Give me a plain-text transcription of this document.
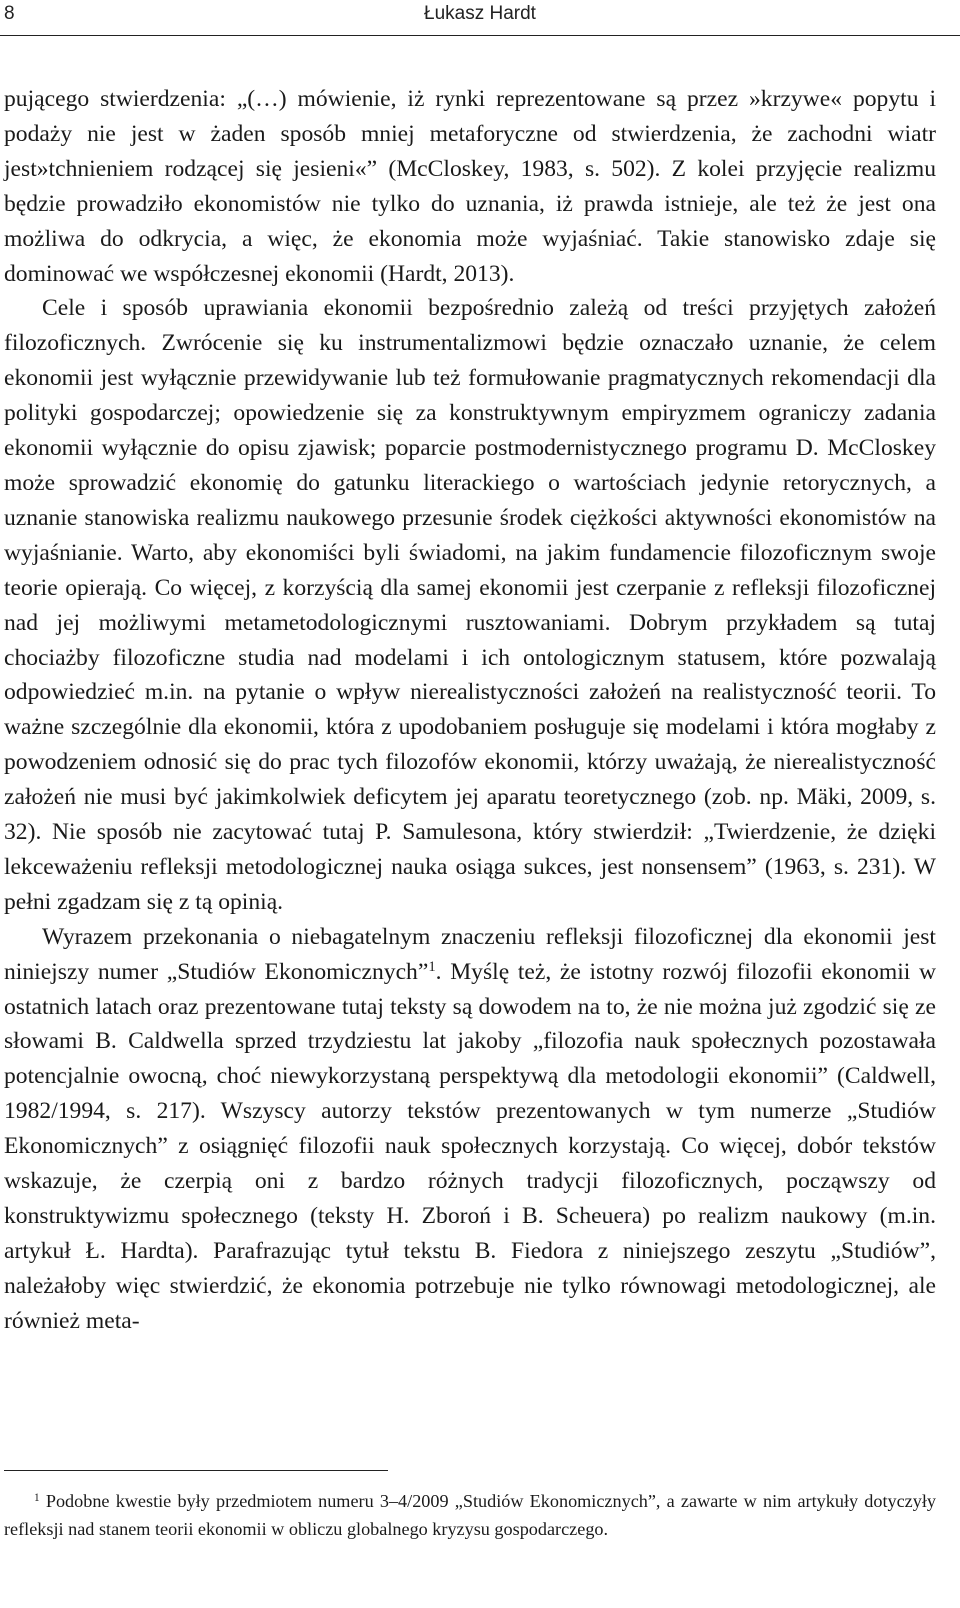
8	Łukasz Hardt

pującego stwierdzenia: „(…) mówienie, iż rynki reprezentowane są przez »krzywe« popytu i podaży nie jest w żaden sposób mniej metaforyczne od stwierdzenia, że zachodni wiatr jest»tchnieniem rodzącej się jesieni«” (McCloskey, 1983, s. 502). Z kolei przyjęcie realizmu będzie prowadziło ekonomistów nie tylko do uznania, iż prawda istnieje, ale też że jest ona możliwa do odkrycia, a więc, że ekonomia może wyjaśniać. Takie stanowisko zdaje się dominować we współczesnej ekonomii (Hardt, 2013).

Cele i sposób uprawiania ekonomii bezpośrednio zależą od treści przyjętych założeń filozoficznych. Zwrócenie się ku instrumentalizmowi będzie oznaczało uznanie, że celem ekonomii jest wyłącznie przewidywanie lub też formułowanie pragmatycznych rekomendacji dla polityki gospodarczej; opowiedzenie się za konstruktywnym empiryzmem ograniczy zadania ekonomii wyłącznie do opisu zjawisk; poparcie postmodernistycznego programu D. McCloskey może sprowadzić ekonomię do gatunku literackiego o wartościach jedynie retorycznych, a uznanie stanowiska realizmu naukowego przesunie środek ciężkości aktywności ekonomistów na wyjaśnianie. Warto, aby ekonomiści byli świadomi, na jakim fundamencie filozoficznym swoje teorie opierają. Co więcej, z korzyścią dla samej ekonomii jest czerpanie z refleksji filozoficznej nad jej możliwymi metametodologicznymi rusztowaniami. Dobrym przykładem są tutaj chociażby filozoficzne studia nad modelami i ich ontologicznym statusem, które pozwalają odpowiedzieć m.in. na pytanie o wpływ nierealistyczności założeń na realistyczność teorii. To ważne szczególnie dla ekonomii, która z upodobaniem posługuje się modelami i która mogłaby z powodzeniem odnosić się do prac tych filozofów ekonomii, którzy uważają, że nierealistyczność założeń nie musi być jakimkolwiek deficytem jej aparatu teoretycznego (zob. np. Mäki, 2009, s. 32). Nie sposób nie zacytować tutaj P. Samulesona, który stwierdził: „Twierdzenie, że dzięki lekceważeniu refleksji metodologicznej nauka osiąga sukces, jest nonsensem” (1963, s. 231). W pełni zgadzam się z tą opinią.

Wyrazem przekonania o niebagatelnym znaczeniu refleksji filozoficznej dla ekonomii jest niniejszy numer „Studiów Ekonomicznych”$^1$. Myślę też, że istotny rozwój filozofii ekonomii w ostatnich latach oraz prezentowane tutaj teksty są dowodem na to, że nie można już zgodzić się ze słowami B. Caldwella sprzed trzydziestu lat jakoby „filozofia nauk społecznych pozostawała potencjalnie owocną, choć niewykorzystaną perspektywą dla metodologii ekonomii” (Caldwell, 1982/1994, s. 217). Wszyscy autorzy tekstów prezentowanych w tym numerze „Studiów Ekonomicznych” z osiągnięć filozofii nauk społecznych korzystają. Co więcej, dobór tekstów wskazuje, że czerpią oni z bardzo różnych tradycji filozoficznych, począwszy od konstruktywizmu społecznego (teksty H. Zboroń i B. Scheuera) po realizm naukowy (m.in. artykuł Ł. Hardta). Parafrazując tytuł tekstu B. Fiedora z niniejszego zeszytu „Studiów”, należałoby więc stwierdzić, że ekonomia potrzebuje nie tylko równowagi metodologicznej, ale również meta-

$^1$ Podobne kwestie były przedmiotem numeru 3–4/2009 „Studiów Ekonomicznych”, a zawarte w nim artykuły dotyczyły refleksji nad stanem teorii ekonomii w obliczu globalnego kryzysu gospodarczego.
